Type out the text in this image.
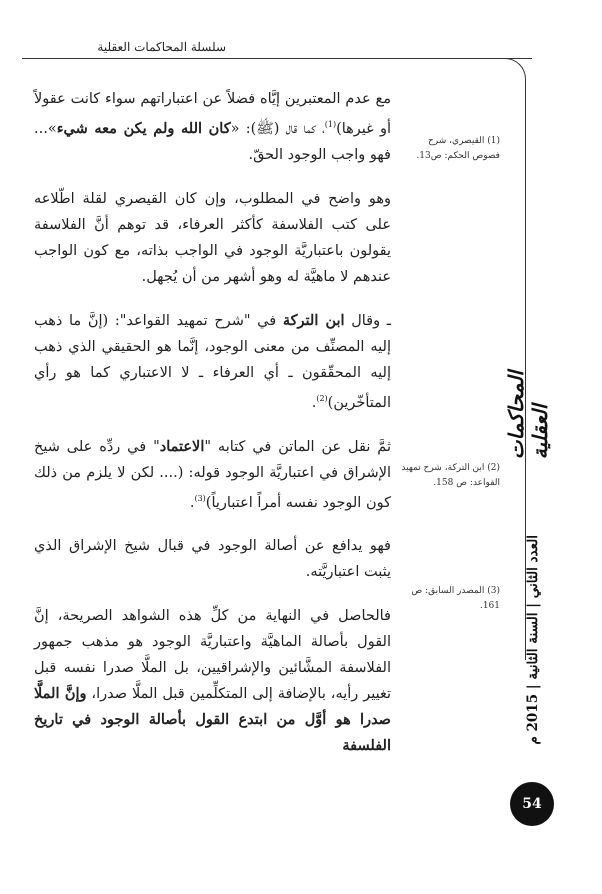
سلسلة المحاكمات العقلية

مع عدم المعتبرين إيَّاه فضلاً عن اعتباراتهم سواء كانت عقولاً أو غيرها)$^{(1)}$، كما قال (ﷺ): «كان الله ولم يكن معه شيء»... فهو واجب الوجود الحقّ.

وهو واضح في المطلوب، وإن كان القيصري لقلة اطّلاعه على كتب الفلاسفة كأكثر العرفاء، قد توهم أنَّ الفلاسفة يقولون باعتباريَّة الوجود في الواجب بذاته، مع كون الواجب عندهم لا ماهيَّة له وهو أشهر من أن يُجهل.

ـ وقال ابن التركة في "شرح تمهيد القواعد": (إنَّ ما ذهب إليه المصنِّف من معنى الوجود، إنَّما هو الحقيقي الذي ذهب إليه المحقّقون ـ أي العرفاء ـ لا الاعتباري كما هو رأي المتأخّرين)$^{(2)}$.

ثمَّ نقل عن الماتن في كتابه "الاعتماد" في ردِّه على شيخ الإشراق في اعتباريَّة الوجود قوله: (.... لكن لا يلزم من ذلك كون الوجود نفسه أمراً اعتبارياً)$^{(3)}$.

فهو يدافع عن أصالة الوجود في قبال شيخ الإشراق الذي يثبت اعتباريَّته.

فالحاصل في النهاية من كلِّ هذه الشواهد الصريحة، إنَّ القول بأصالة الماهيَّة واعتباريَّة الوجود هو مذهب جمهور الفلاسفة المشَّائين والإشراقيين، بل الملَّا صدرا نفسه قبل تغيير رأيه، بالإضافة إلى المتكلِّمين قبل الملَّا صدرا، وإنَّ الملَّا صدرا هو أوَّل من ابتدع القول بأصالة الوجود في تاريخ الفلسفة

(1) القيصري، شرح فصوص الحكم: ص13.
(2) ابن التركة، شرح تمهيد القواعد: ص 158.
(3) المصدر السابق: ص 161.
المحاكمات العقلية
العدد الثاني | السنة الثانية | 2015 م
54
